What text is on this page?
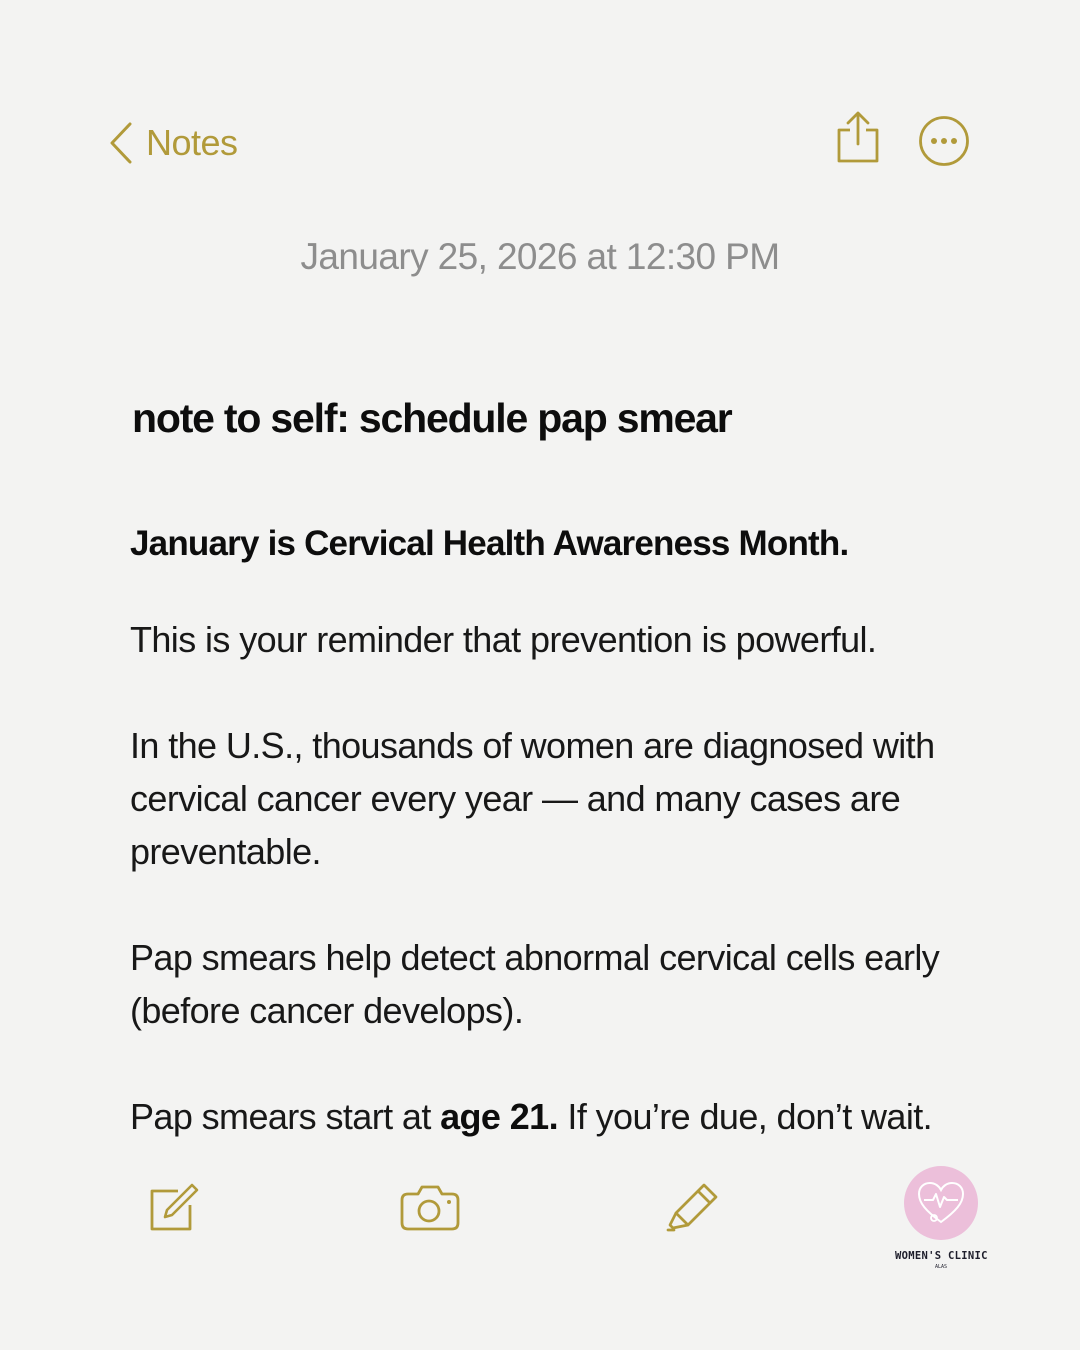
Notes
January 25, 2026 at 12:30 PM
note to self: schedule pap smear

January is Cervical Health Awareness Month.

This is your reminder that prevention is powerful.

In the U.S., thousands of women are diagnosed with cervical cancer every year — and many cases are preventable.

Pap smears help detect abnormal cervical cells early (before cancer develops).

Pap smears start at age 21. If you’re due, don’t wait.

WOMEN'S CLINIC
ALAS
